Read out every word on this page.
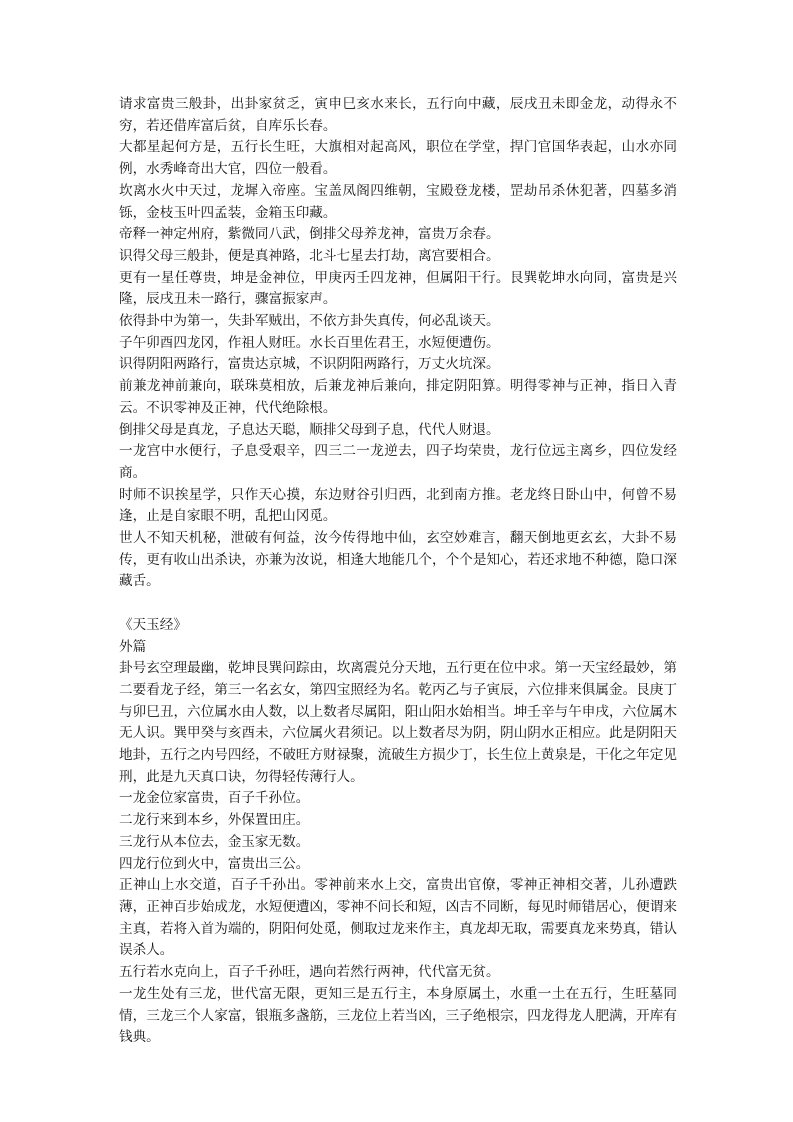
请求富贵三般卦，出卦家贫乏，寅申巳亥水来长，五行向中藏，辰戌丑未即金龙，动得永不穷，若还借库富后贫，自库乐长春。

大都星起何方是，五行长生旺，大旗相对起高风，职位在学堂，捍门官国华表起，山水亦同例，水秀峰奇出大官，四位一般看。

坎离水火中天过，龙墀入帝座。宝盖凤阁四维朝，宝殿登龙楼，罡劫吊杀休犯著，四墓多消铄，金枝玉叶四孟装，金箱玉印藏。

帝释一神定州府，紫微同八武，倒排父母养龙神，富贵万余春。

识得父母三般卦，便是真神路，北斗七星去打劫，离宫要相合。

更有一星任尊贵，坤是金神位，甲庚丙壬四龙神，但属阳干行。艮巽乾坤水向同，富贵是兴隆，辰戌丑未一路行，骤富振家声。

依得卦中为第一，失卦军贼出，不依方卦失真传，何必乱谈天。

子午卯酉四龙冈，作祖人财旺。水长百里佐君王，水短便遭伤。

识得阴阳两路行，富贵达京城，不识阴阳两路行，万丈火坑深。

前兼龙神前兼向，联珠莫相放，后兼龙神后兼向，排定阴阳算。明得零神与正神，指日入青云。不识零神及正神，代代绝除根。

倒排父母是真龙，子息达天聪，顺排父母到子息，代代人财退。

一龙宫中水便行，子息受艰辛，四三二一龙逆去，四子均荣贵，龙行位远主离乡，四位发经商。

时师不识挨星学，只作天心摸，东边财谷引归西，北到南方推。老龙终日卧山中，何曾不易逢，止是自家眼不明，乱把山冈觅。

世人不知天机秘，泄破有何益，汝今传得地中仙，玄空妙难言，翻天倒地更玄玄，大卦不易传，更有收山出杀诀，亦兼为汝说，相逢大地能几个，个个是知心，若还求地不种德，隐口深藏舌。

《天玉经》

外篇

卦号玄空理最幽，乾坤艮巽问踪由，坎离震兑分天地，五行更在位中求。第一天宝经最妙，第二要看龙子经，第三一名玄女，第四宝照经为名。乾丙乙与子寅辰，六位排来俱属金。艮庚丁与卯巳丑，六位属水由人数，以上数者尽属阳，阳山阳水始相当。坤壬辛与午申戌，六位属木无人识。巽甲癸与亥酉未，六位属火君须记。以上数者尽为阴，阴山阴水正相应。此是阴阳天地卦，五行之内号四经，不破旺方财禄聚，流破生方损少丁，长生位上黄泉是，干化之年定见刑，此是九天真口诀，勿得轻传薄行人。

一龙金位家富贵，百子千孙位。

二龙行来到本乡，外保置田庄。

三龙行从本位去，金玉家无数。

四龙行位到火中，富贵出三公。

正神山上水交道，百子千孙出。零神前来水上交，富贵出官僚，零神正神相交著，儿孙遭跌薄，正神百步始成龙，水短便遭凶，零神不问长和短，凶吉不同断，每见时师错居心，便谓来主真，若将入首为端的，阴阳何处觅，侧取过龙来作主，真龙却无取，需要真龙来势真，错认误杀人。

五行若水克向上，百子千孙旺，遇向若然行两神，代代富无贫。

一龙生处有三龙，世代富无限，更知三是五行主，本身原属土，水重一土在五行，生旺墓同情，三龙三个人家富，银瓶多盏筋，三龙位上若当凶，三子绝根宗，四龙得龙人肥满，开库有钱典。
